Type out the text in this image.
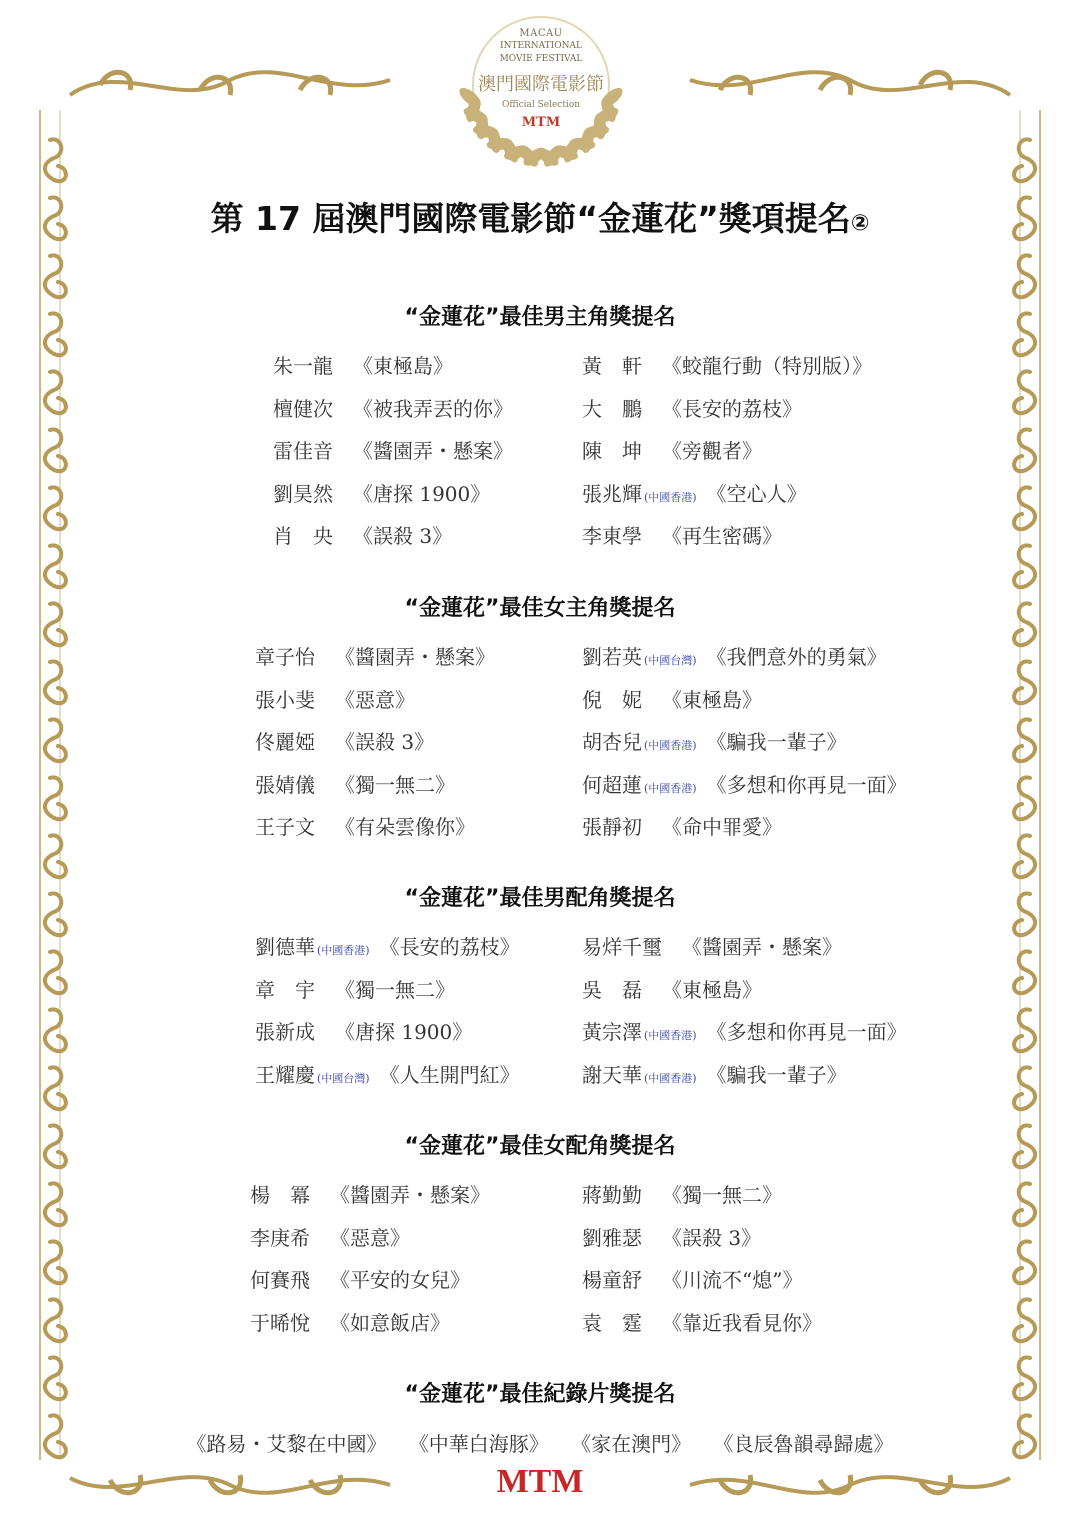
MACAU
INTERNATIONAL
MOVIE FESTIVAL
澳門國際電影節
Official Selection
MTM
第 17 屆澳門國際電影節“金蓮花”獎項提名②
“金蓮花”最佳男主角獎提名
朱一龍 《東極島》
檀健次 《被我弄丟的你》
雷佳音 《醬園弄・懸案》
劉昊然 《唐探 1900》
肖　央 《誤殺 3》
黃　軒 《蛟龍行動（特別版）》
大　鵬 《長安的荔枝》
陳　坤 《旁觀者》
張兆輝 (中國香港) 《空心人》
李東學 《再生密碼》
“金蓮花”最佳女主角獎提名
章子怡 《醬園弄・懸案》
張小斐 《惡意》
佟麗婭 《誤殺 3》
張婧儀 《獨一無二》
王子文 《有朵雲像你》
劉若英 (中國台灣) 《我們意外的勇氣》
倪　妮 《東極島》
胡杏兒 (中國香港) 《騙我一輩子》
何超蓮 (中國香港) 《多想和你再見一面》
張靜初 《命中罪愛》
“金蓮花”最佳男配角獎提名
劉德華 (中國香港) 《長安的荔枝》
章　宇 《獨一無二》
張新成 《唐探 1900》
王耀慶 (中國台灣) 《人生開門紅》
易烊千璽 《醬園弄・懸案》
吳　磊 《東極島》
黃宗澤 (中國香港) 《多想和你再見一面》
謝天華 (中國香港) 《騙我一輩子》
“金蓮花”最佳女配角獎提名
楊　冪 《醬園弄・懸案》
李庚希 《惡意》
何賽飛 《平安的女兒》
于晞悅 《如意飯店》
蔣勤勤 《獨一無二》
劉雅瑟 《誤殺 3》
楊童舒 《川流不“熄”》
袁　霆 《靠近我看見你》
“金蓮花”最佳紀錄片獎提名
《路易・艾黎在中國》 《中華白海豚》 《家在澳門》 《良辰魯韻尋歸處》
MTM
